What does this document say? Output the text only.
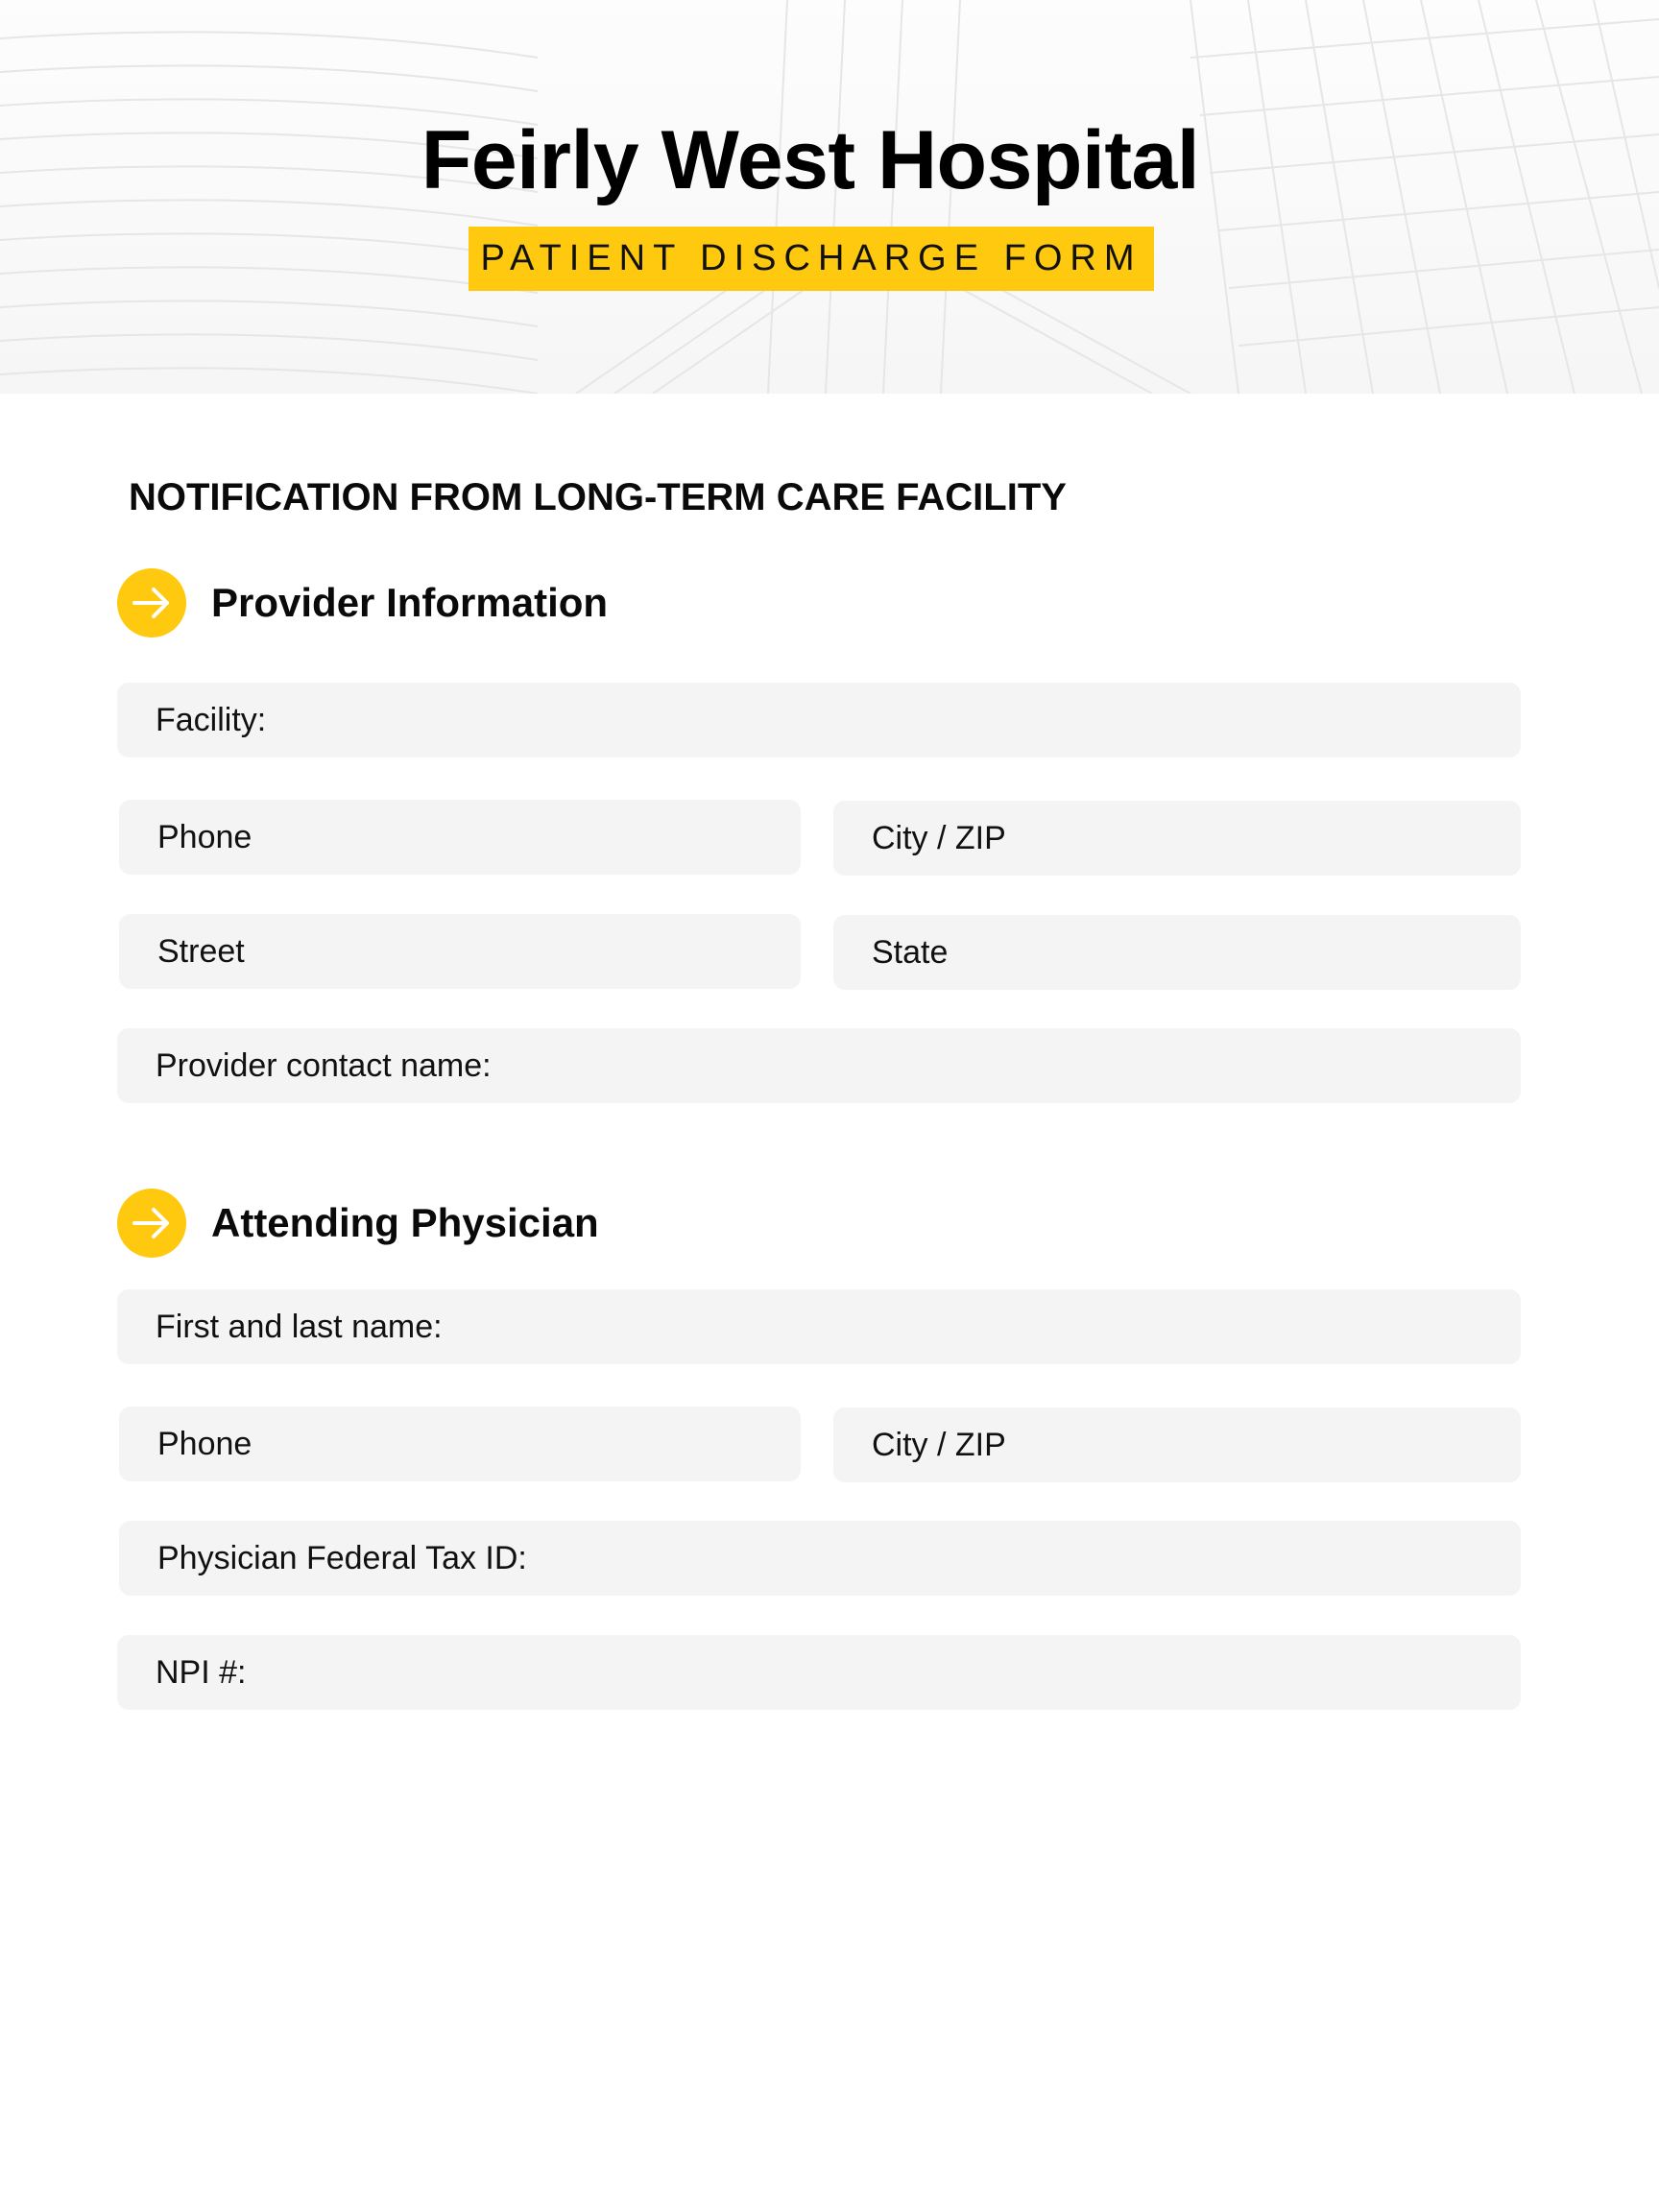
Feirly West Hospital
PATIENT DISCHARGE FORM
NOTIFICATION FROM LONG-TERM CARE FACILITY
Provider Information
Facility:
Phone	City / ZIP
Street	State
Provider contact name:
Attending Physician
First and last name:
Phone	City / ZIP
Physician Federal Tax ID:
NPI #:
